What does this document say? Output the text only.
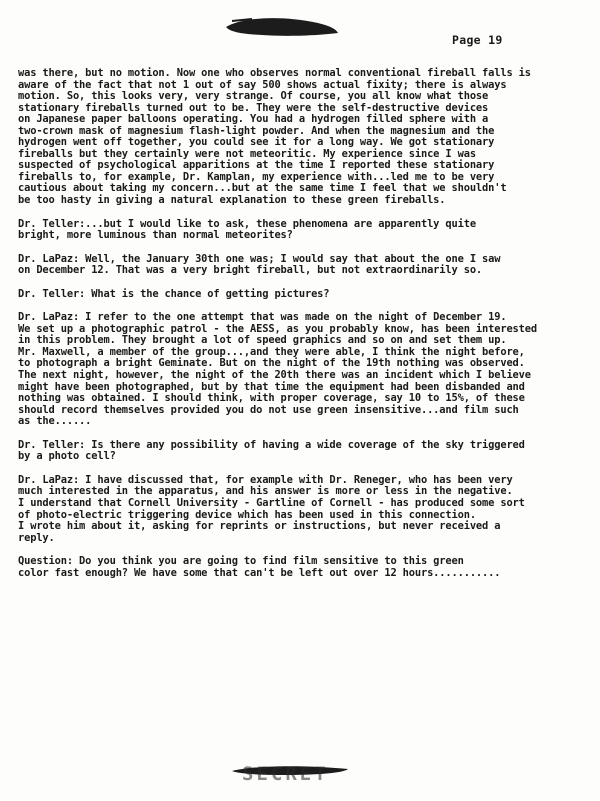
Page 19

was there, but no motion. Now one who observes normal conventional fireball falls is
aware of the fact that not 1 out of say 500 shows actual fixity; there is always
motion. So, this looks very, very strange. Of course, you all know what those
stationary fireballs turned out to be. They were the self-destructive devices
on Japanese paper balloons operating. You had a hydrogen filled sphere with a
two-crown mask of magnesium flash-light powder. And when the magnesium and the
hydrogen went off together, you could see it for a long way. We got stationary
fireballs but they certainly were not meteoritic. My experience since I was
suspected of psychological apparitions at the time I reported these stationary
fireballs to, for example, Dr. Kamplan, my experience with...led me to be very
cautious about taking my concern...but at the same time I feel that we shouldn't
be too hasty in giving a natural explanation to these green fireballs.

Dr. Teller:...but I would like to ask, these phenomena are apparently quite
bright, more luminous than normal meteorites?

Dr. LaPaz: Well, the January 30th one was; I would say that about the one I saw
on December 12. That was a very bright fireball, but not extraordinarily so.

Dr. Teller: What is the chance of getting pictures?

Dr. LaPaz: I refer to the one attempt that was made on the night of December 19.
We set up a photographic patrol - the AESS, as you probably know, has been interested
in this problem. They brought a lot of speed graphics and so on and set them up.
Mr. Maxwell, a member of the group...,and they were able, I think the night before,
to photograph a bright Geminate. But on the night of the 19th nothing was observed.
The next night, however, the night of the 20th there was an incident which I believe
might have been photographed, but by that time the equipment had been disbanded and
nothing was obtained. I should think, with proper coverage, say 10 to 15%, of these
should record themselves provided you do not use green insensitive...and film such
as the......

Dr. Teller: Is there any possibility of having a wide coverage of the sky triggered
by a photo cell?

Dr. LaPaz: I have discussed that, for example with Dr. Reneger, who has been very
much interested in the apparatus, and his answer is more or less in the negative.
I understand that Cornell University - Gartline of Cornell - has produced some sort
of photo-electric triggering device which has been used in this connection.
I wrote him about it, asking for reprints or instructions, but never received a
reply.

Question: Do you think you are going to find film sensitive to this green
color fast enough? We have some that can't be left out over 12 hours...........

SECRET
